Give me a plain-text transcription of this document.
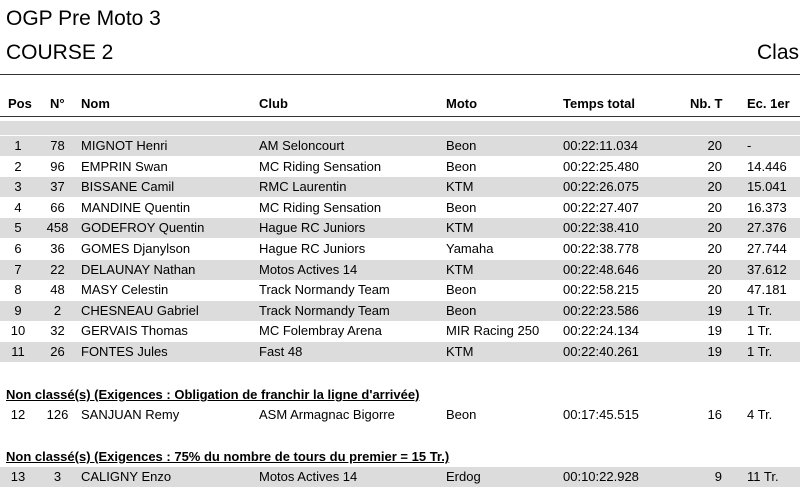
OGP Pre Moto 3
COURSE 2	Clas
Pos N° Nom	Club	Moto	Temps total	Nb. T Ec. 1er
1	78	MIGNOT Henri	AM Seloncourt	Beon	00:22:11.034	20 -
2	96	EMPRIN Swan	MC Riding Sensation	Beon	00:22:25.480	20 14.446
3	37	BISSANE Camil	RMC Laurentin	KTM	00:22:26.075	20 15.041
4	66	MANDINE Quentin	MC Riding Sensation	Beon	00:22:27.407	20 16.373
5	458 GODEFROY Quentin	Hague RC Juniors	KTM	00:22:38.410	20 27.376
6	36	GOMES Djanylson	Hague RC Juniors	Yamaha	00:22:38.778	20 27.744
7	22	DELAUNAY Nathan	Motos Actives 14	KTM	00:22:48.646	20 37.612
8	48	MASY Celestin	Track Normandy Team	Beon	00:22:58.215	20 47.181
9	2	CHESNEAU Gabriel	Track Normandy Team	Beon	00:22:23.586	19 1 Tr.
10	32	GERVAIS Thomas	MC Folembray Arena	MIR Racing 250 00:22:24.134	19 1 Tr.
11	26	FONTES Jules	Fast 48	KTM	00:22:40.261	19 1 Tr.
Non classé(s) (Exigences : Obligation de franchir la ligne d'arrivée)
12	126 SANJUAN Remy	ASM Armagnac Bigorre	Beon	00:17:45.515	16 4 Tr.
Non classé(s) (Exigences : 75% du nombre de tours du premier = 15 Tr.)
13	3	CALIGNY Enzo	Motos Actives 14	Erdog	00:10:22.928	9 11 Tr.
